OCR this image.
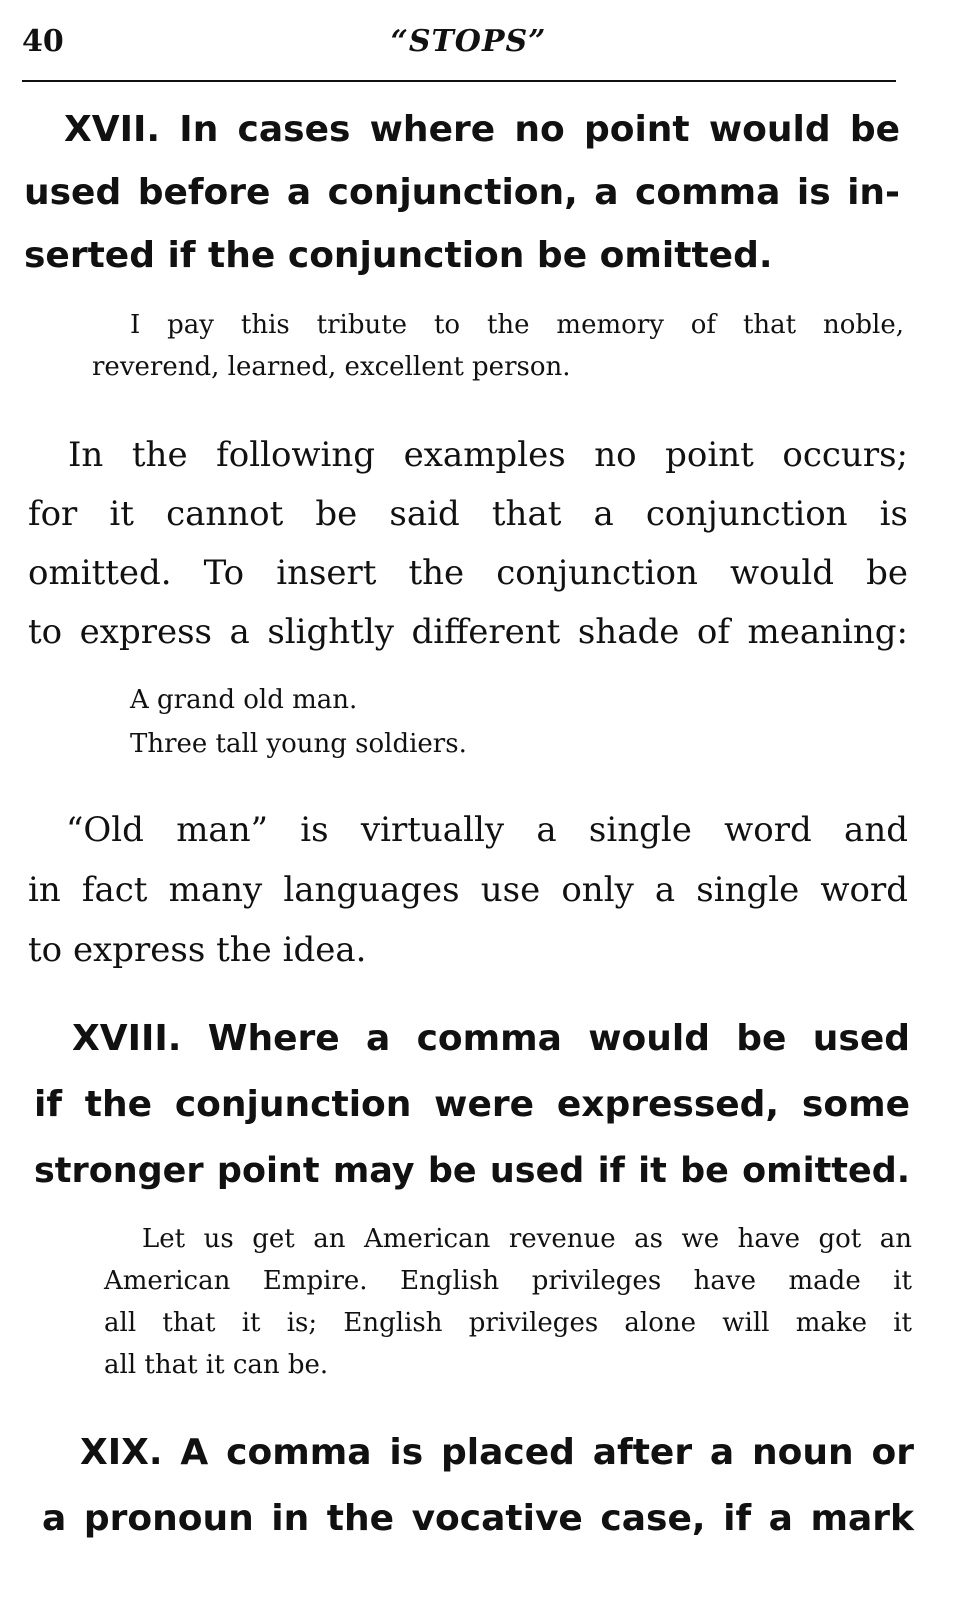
40	“STOPS”
XVII. In cases where no point would be
used before a conjunction, a comma is in-
serted if the conjunction be omitted.
I pay this tribute to the memory of that noble,
reverend, learned, excellent person.
In the following examples no point occurs;
for it cannot be said that a conjunction is
omitted. To insert the conjunction would be
to express a slightly different shade of meaning:
A grand old man.
Three tall young soldiers.
“Old man” is virtually a single word and
in fact many languages use only a single word
to express the idea.
XVIII. Where a comma would be used
if the conjunction were expressed, some
stronger point may be used if it be omitted.
Let us get an American revenue as we have got an
American Empire. English privileges have made it
all that it is; English privileges alone will make it
all that it can be.
XIX. A comma is placed after a noun or
a pronoun in the vocative case, if a mark
